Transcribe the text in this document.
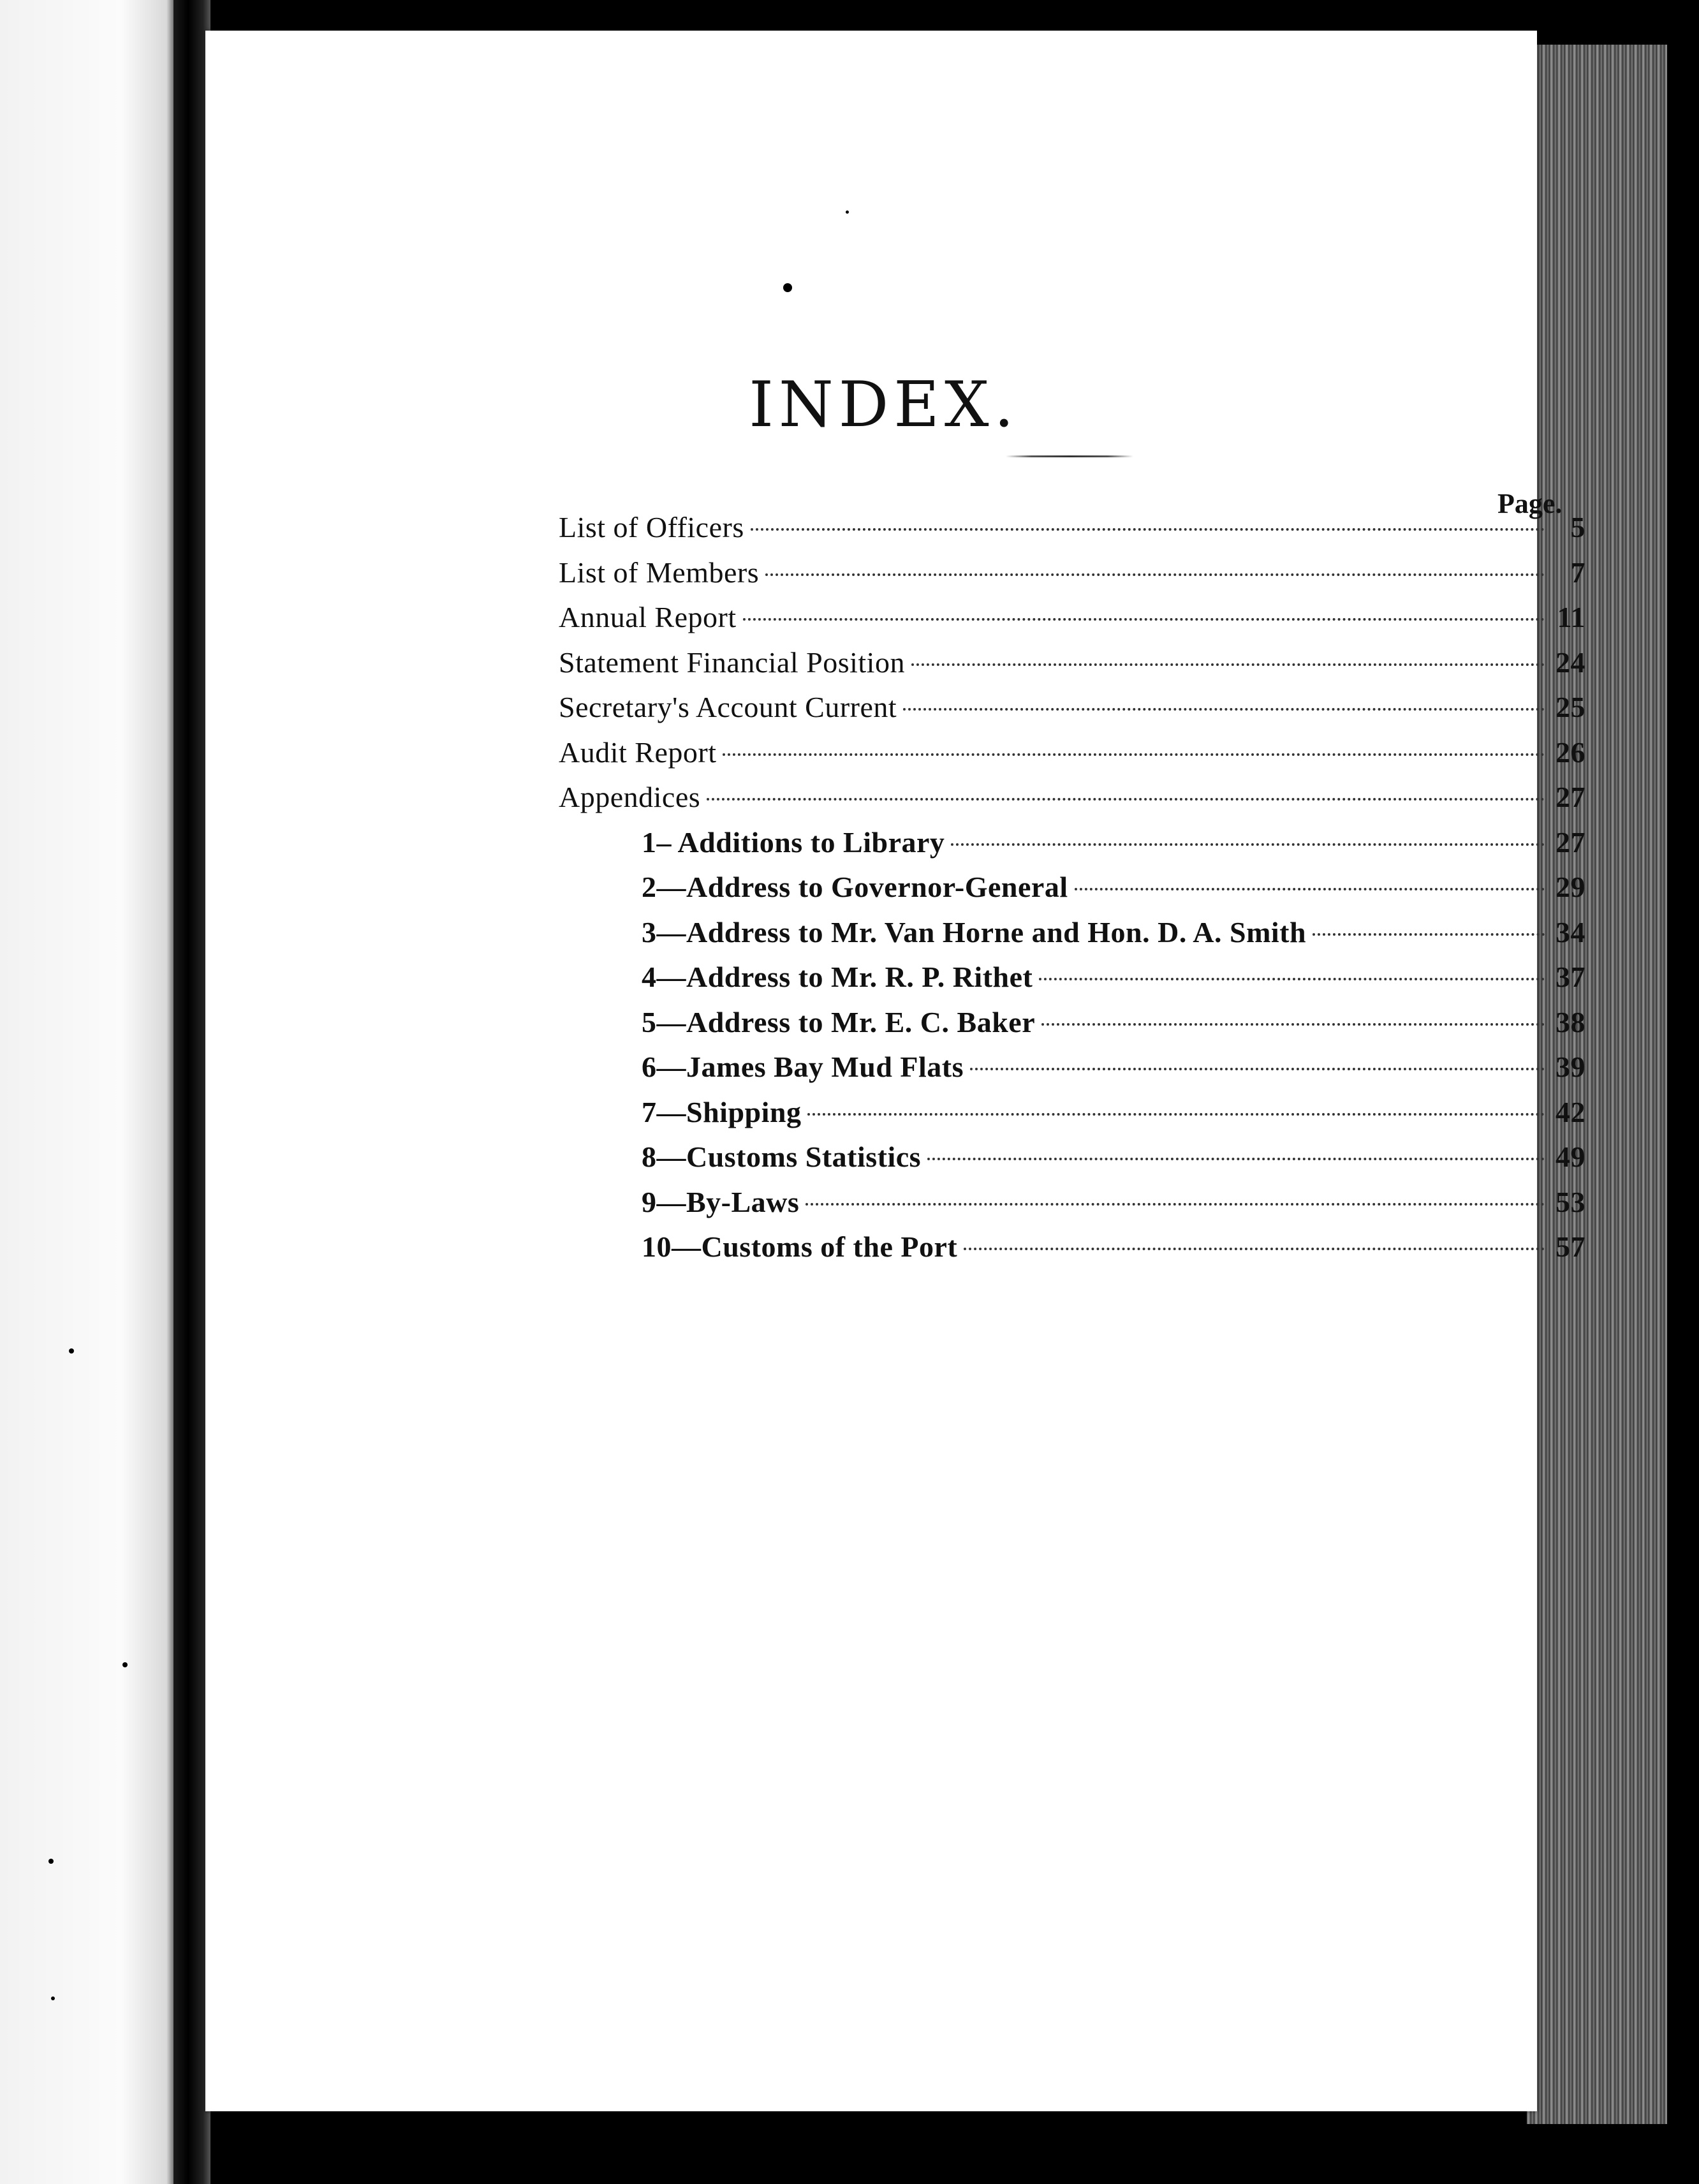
INDEX.
Page.
List of Officers	5
List of Members	7
Annual Report	11
Statement Financial Position	24
Secretary's Account Current	25
Audit Report	26
Appendices	27
1– Additions to Library	27
2—Address to Governor-General	29
3—Address to Mr. Van Horne and Hon. D. A. Smith	34
4—Address to Mr. R. P. Rithet	37
5—Address to Mr. E. C. Baker	38
6—James Bay Mud Flats	39
7—Shipping	42
8—Customs Statistics	49
9—By-Laws	53
10—Customs of the Port	57
